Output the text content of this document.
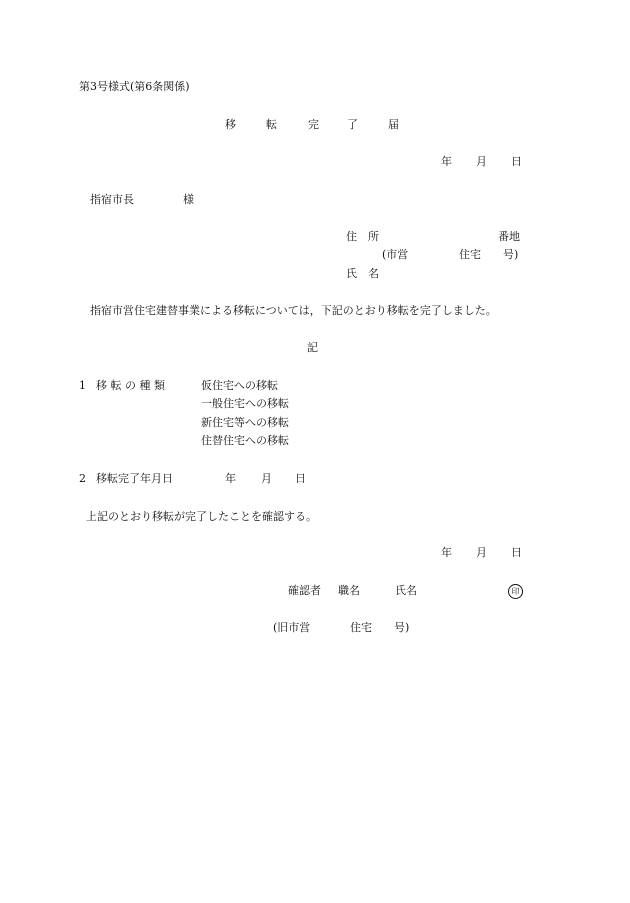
第3号様式(第6条関係)
移	転	完	了	届
年 月 日
指宿市長	様
住　所	番地
(市営	住宅 号)
氏　名
指宿市営住宅建替事業による移転については，下記のとおり移転を完了しました。
記
1 移 転 の 種 類	仮住宅への移転
一般住宅への移転
新住宅等への移転
住替住宅への移転
2 移転完了年月日	年 月 日
上記のとおり移転が完了したことを確認する。
年 月 日
確認者 職名	氏名	印
(旧市営	住宅 号)
